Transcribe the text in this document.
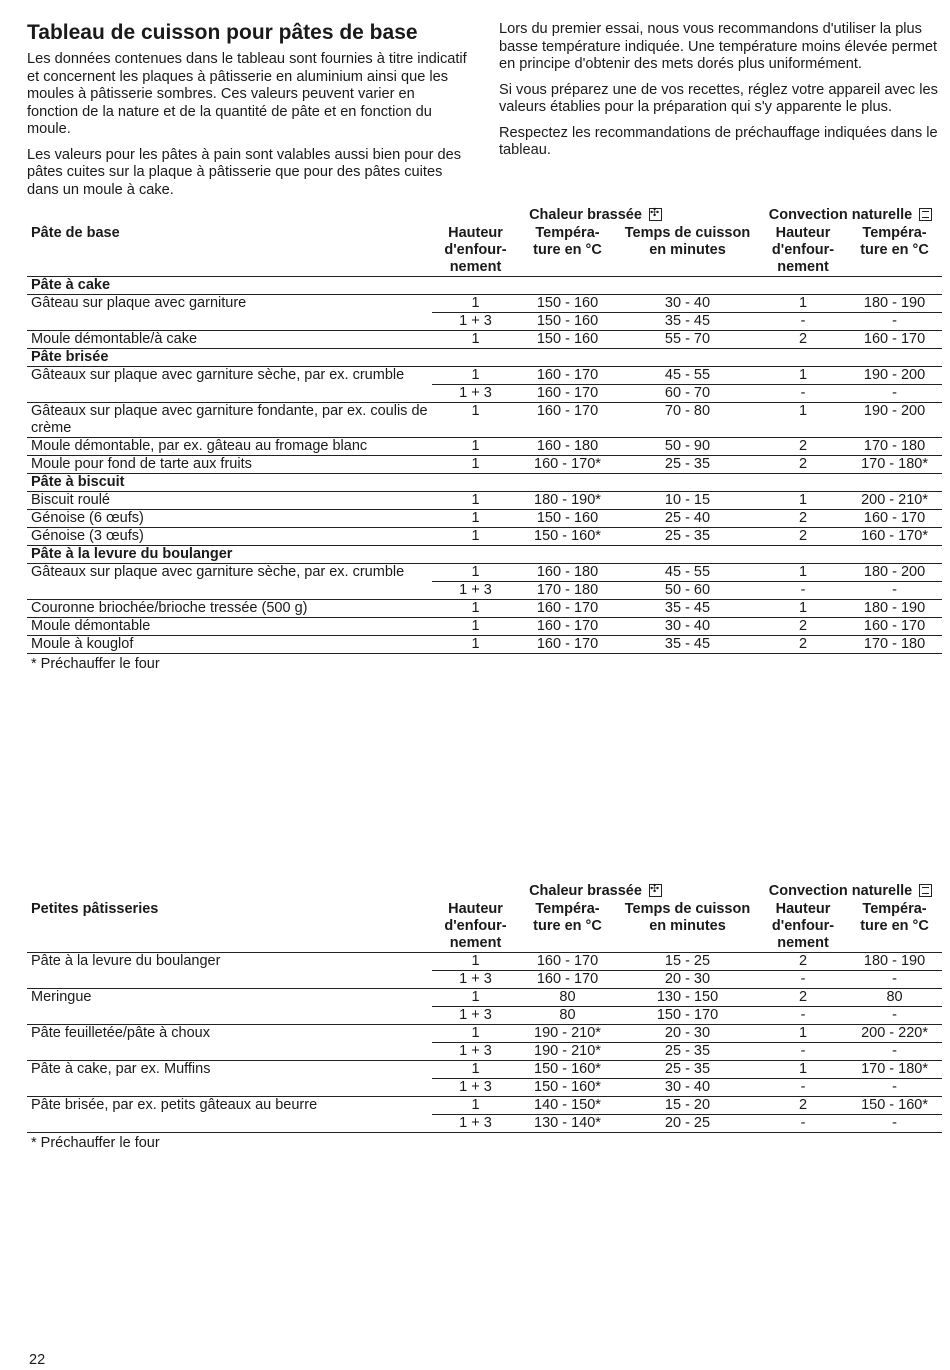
Tableau de cuisson pour pâtes de base

Les données contenues dans le tableau sont fournies à titre indicatif et concernent les plaques à pâtisserie en aluminium ainsi que les moules à pâtisserie sombres. Ces valeurs peuvent varier en fonction de la nature et de la quantité de pâte et en fonction du moule.

Les valeurs pour les pâtes à pain sont valables aussi bien pour des pâtes cuites sur la plaque à pâtisserie que pour des pâtes cuites dans un moule à cake.

Lors du premier essai, nous vous recommandons d'utiliser la plus basse température indiquée. Une température moins élevée permet en principe d'obtenir des mets dorés plus uniformément.

Si vous préparez une de vos recettes, réglez votre appareil avec les valeurs établies pour la préparation qui s'y apparente le plus.

Respectez les recommandations de préchauffage indiquées dans le tableau.

	Chaleur brassée ✣			Convection naturelle	
Pâte de base	Hauteur d'enfour- nement	Tempéra- ture en °C	Temps de cuisson en minutes	Hauteur d'enfour- nement	Tempéra- ture en °C
Pâte à cake					
Gâteau sur plaque avec garniture	1	150 - 160	30 - 40	1	180 - 190
	1 + 3	150 - 160	35 - 45	-	-
Moule démontable/à cake	1	150 - 160	55 - 70	2	160 - 170
Pâte brisée					
Gâteaux sur plaque avec garniture sèche, par ex. crumble	1	160 - 170	45 - 55	1	190 - 200
	1 + 3	160 - 170	60 - 70	-	-
Gâteaux sur plaque avec garniture fondante, par ex. coulis de crème	1	160 - 170	70 - 80	1	190 - 200
Moule démontable, par ex. gâteau au fromage blanc	1	160 - 180	50 - 90	2	170 - 180
Moule pour fond de tarte aux fruits	1	160 - 170*	25 - 35	2	170 - 180*
Pâte à biscuit					
Biscuit roulé	1	180 - 190*	10 - 15	1	200 - 210*
Génoise (6 œufs)	1	150 - 160	25 - 40	2	160 - 170
Génoise (3 œufs)	1	150 - 160*	25 - 35	2	160 - 170*
Pâte à la levure du boulanger					
Gâteaux sur plaque avec garniture sèche, par ex. crumble	1	160 - 180	45 - 55	1	180 - 200
	1 + 3	170 - 180	50 - 60	-	-
Couronne briochée/brioche tressée (500 g)	1	160 - 170	35 - 45	1	180 - 190
Moule démontable	1	160 - 170	30 - 40	2	160 - 170
Moule à kouglof	1	160 - 170	35 - 45	2	170 - 180
* Préchauffer le four
	Chaleur brassée ✣			Convection naturelle	
Petites pâtisseries	Hauteur d'enfour- nement	Tempéra- ture en °C	Temps de cuisson en minutes	Hauteur d'enfour- nement	Tempéra- ture en °C
Pâte à la levure du boulanger	1	160 - 170	15 - 25	2	180 - 190
	1 + 3	160 - 170	20 - 30	-	-
Meringue	1	80	130 - 150	2	80
	1 + 3	80	150 - 170	-	-
Pâte feuilletée/pâte à choux	1	190 - 210*	20 - 30	1	200 - 220*
	1 + 3	190 - 210*	25 - 35	-	-
Pâte à cake, par ex. Muffins	1	150 - 160*	25 - 35	1	170 - 180*
	1 + 3	150 - 160*	30 - 40	-	-
Pâte brisée, par ex. petits gâteaux au beurre	1	140 - 150*	15 - 20	2	150 - 160*
	1 + 3	130 - 140*	20 - 25	-	-
* Préchauffer le four
22
